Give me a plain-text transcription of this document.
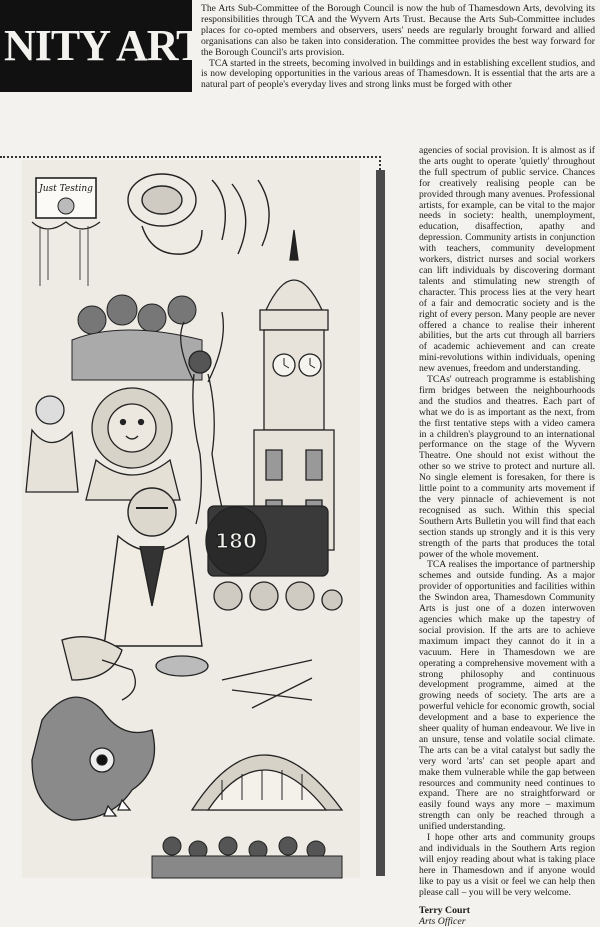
NITY ARTS

The Arts Sub-Committee of the Borough Council is now the hub of Thamesdown Arts, devolving its responsibilities through TCA and the Wyvern Arts Trust. Because the Arts Sub-Committee includes places for co-opted members and observers, users' needs are regularly brought forward and allied organisations can also be taken into consideration. The committee provides the best way forward for the Borough Council's arts provision.

TCA started in the streets, becoming involved in buildings and in establishing excellent studios, and is now developing opportunities in the various areas of Thamesdown. It is essential that the arts are a natural part of people's everyday lives and strong links must be forged with other

Just Testing
180

agencies of social provision. It is almost as if the arts ought to operate 'quietly' throughout the full spectrum of public service. Chances for creatively realising people can be provided through many avenues. Professional artists, for example, can be vital to the major needs in society: health, unemployment, education, disaffection, apathy and depression. Community artists in conjunction with teachers, community development workers, district nurses and social workers can lift individuals by discovering dormant talents and stimulating new strength of character. This process lies at the very heart of a fair and democratic society and is the right of every person. Many people are never offered a chance to realise their inherent abilities, but the arts cut through all barriers of academic achievement and can create mini-revolutions within individuals, opening new avenues, freedom and understanding.

TCAs' outreach programme is establishing firm bridges between the neighbourhoods and the studios and theatres. Each part of what we do is as important as the next, from the first tentative steps with a video camera in a children's playground to an international performance on the stage of the Wyvern Theatre. One should not exist without the other so we strive to protect and nurture all. No single element is foresaken, for there is little point to a community arts movement if the very pinnacle of achievement is not recognised as such. Within this special Southern Arts Bulletin you will find that each section stands up strongly and it is this very strength of the parts that produces the total power of the whole movement.

TCA realises the importance of partnership schemes and outside funding. As a major provider of opportunities and facilities within the Swindon area, Thamesdown Community Arts is just one of a dozen interwoven agencies which make up the tapestry of social provision. If the arts are to achieve maximum impact they cannot do it in a vacuum. Here in Thamesdown we are operating a comprehensive movement with a strong philosophy and continuous development programme, aimed at the growing needs of society. The arts are a powerful vehicle for economic growth, social development and a base to experience the sheer quality of human endeavour. We live in an unsure, tense and volatile social climate. The arts can be a vital catalyst but sadly the very word 'arts' can set people apart and make them vulnerable while the gap between resources and community need continues to expand. There are no straightforward or easily found ways any more – maximum strength can only be reached through a unified understanding.

I hope other arts and community groups and individuals in the Southern Arts region will enjoy reading about what is taking place here in Thamesdown and if anyone would like to pay us a visit or feel we can help then please call – you will be very welcome.

Terry Court
Arts Officer
